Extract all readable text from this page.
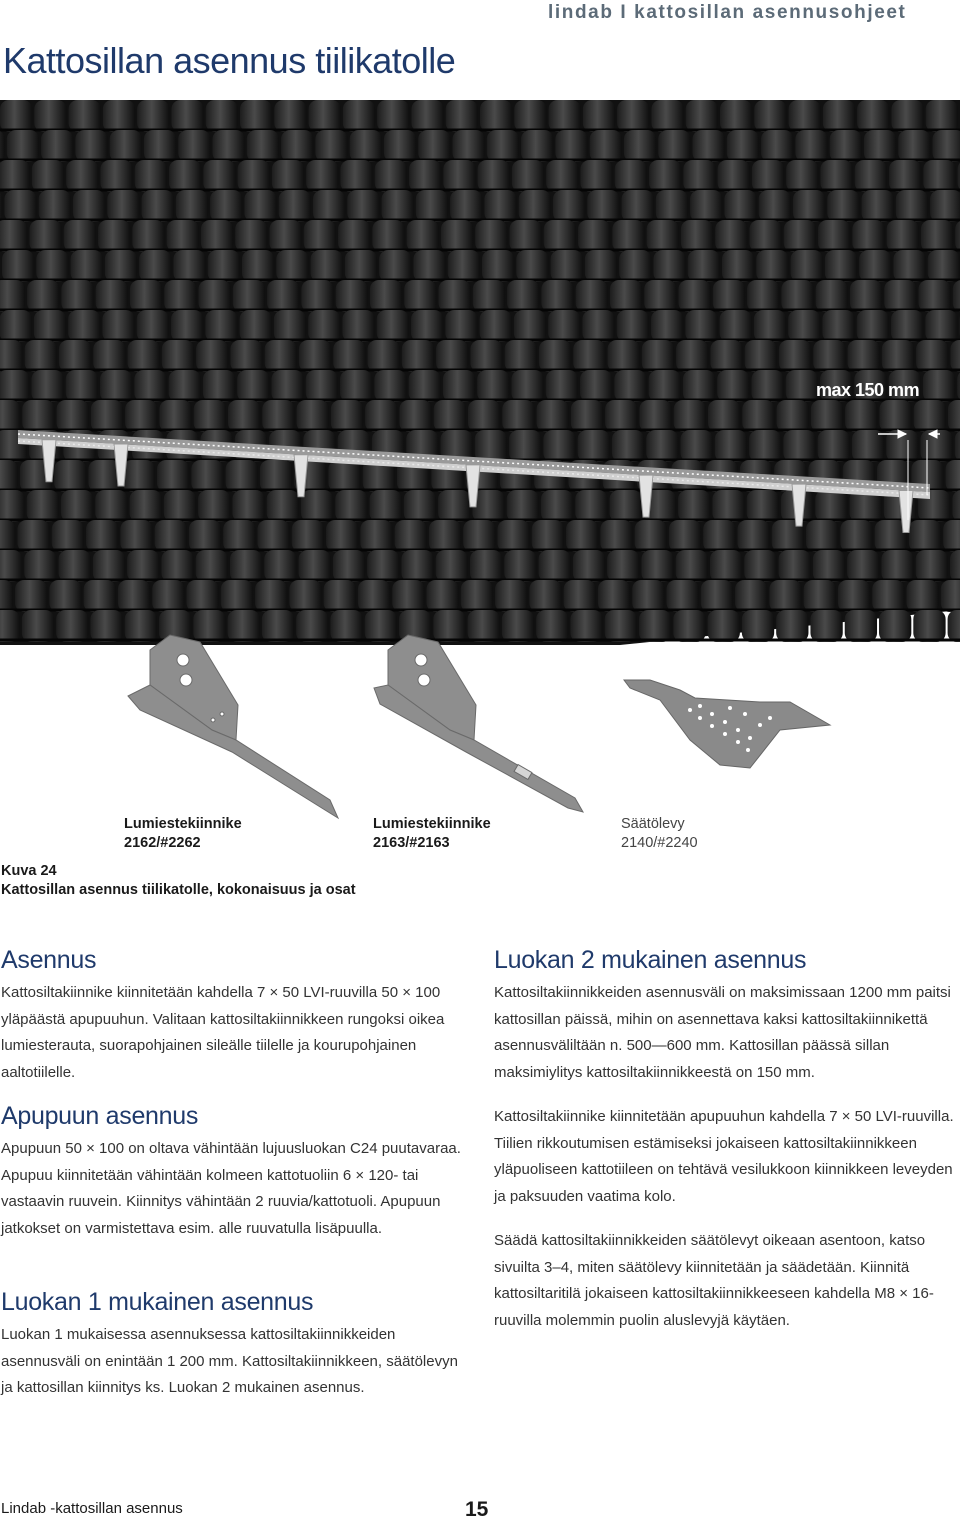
lindab I kattosillan asennusohjeet
Kattosillan asennus tiilikatolle
max 150 mm
Lumiestekiinnike
2162/#2262
Lumiestekiinnike
2163/#2163
Säätölevy
2140/#2240
Kuva 24
Kattosillan asennus tiilikatolle, kokonaisuus ja osat
Asennus

Kattosiltakiinnike kiinnitetään kahdella 7 × 50 LVI-ruuvilla 50 × 100 yläpäästä apupuuhun. Valitaan kattosiltakiinnikkeen rungoksi oikea lumiesterauta, suorapohjainen sileälle tiilelle ja kourupohjainen aaltotiilelle.

Apupuun asennus

Apupuun 50 × 100 on oltava vähintään lujuusluokan C24 puutavaraa. Apupuu kiinnitetään vähintään kolmeen kattotuoliin 6 × 120- tai vastaavin ruuvein. Kiinnitys vähintään 2 ruuvia/kattotuoli. Apupuun jatkokset on varmistettava esim. alle ruuvatulla lisäpuulla.

Luokan 1 mukainen asennus

Luokan 1 mukaisessa asennuksessa kattosiltakiinnikkeiden asennusväli on enintään 1 200 mm. Kattosiltakiinnikkeen, säätölevyn ja kattosillan kiinnitys ks. Luokan 2 mukainen asennus.

Luokan 2 mukainen asennus

Kattosiltakiinnikkeiden asennusväli on maksimissaan 1200 mm paitsi kattosillan päissä, mihin on asennettava kaksi kattosiltakiinnikettä asennusväliltään n. 500—600 mm. Kattosillan päässä sillan maksimiylitys kattosiltakiinnikkeestä on 150 mm.

Kattosiltakiinnike kiinnitetään apupuuhun kahdella 7 × 50 LVI-ruuvilla. Tiilien rikkoutumisen estämiseksi jokaiseen kattosiltakiinnikkeen yläpuoliseen kattotiileen on tehtävä vesilukkoon kiinnikkeen leveyden ja paksuuden vaatima kolo.

Säädä kattosiltakiinnikkeiden säätölevyt oikeaan asentoon, katso sivuilta 3–4, miten säätölevy kiinnitetään ja säädetään. Kiinnitä kattosiltaritilä jokaiseen kattosiltakiinnikkeeseen kahdella M8 × 16-ruuvilla molemmin puolin aluslevyjä käytäen.

Lindab -kattosillan asennus	15
